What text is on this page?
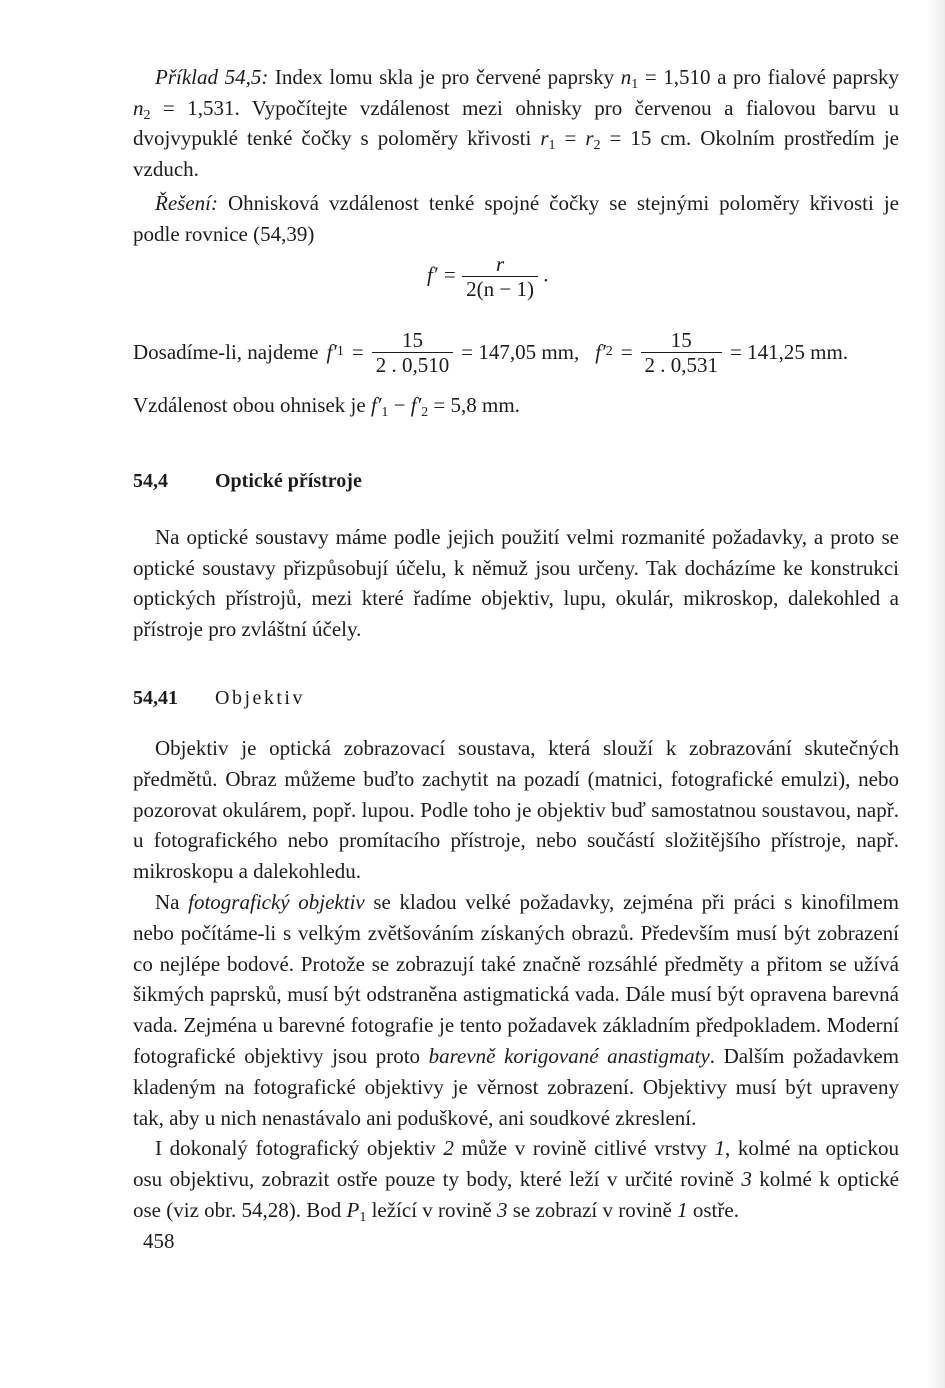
Příklad 54,5: Index lomu skla je pro červené paprsky $n_1 = 1,510$ a pro fialové paprsky $n_2 = 1,531$. Vypočítejte vzdálenost mezi ohnisky pro červenou a fialovou barvu u dvojvypuklé tenké čočky s poloměry křivosti $r_1 = r_2 = 15$ cm. Okolním prostředím je vzduch.

Řešení: Ohnisková vzdálenost tenké spojné čočky se stejnými poloměry křivosti je podle rovnice (54,39)

$f' = \frac{r}{2(n - 1)}$ .
Dosadíme-li, najdeme f′ $1 = \frac{15}{2 . 0,510} = 147,05$ mm, f′ $2 = \frac{15}{2 . 0,531} = 141,25$ mm.
Vzdálenost obou ohnisek je $f'_1 - f'_2 = 5,8$ mm.
54,4 Optické přístroje

Na optické soustavy máme podle jejich použití velmi rozmanité požadavky, a proto se optické soustavy přizpůsobují účelu, k němuž jsou určeny. Tak docházíme ke konstrukci optických přístrojů, mezi které řadíme objektiv, lupu, okulár, mikroskop, dalekohled a přístroje pro zvláštní účely.

54,41 Objektiv

Objektiv je optická zobrazovací soustava, která slouží k zobrazování skutečných předmětů. Obraz můžeme buďto zachytit na pozadí (matnici, fotografické emulzi), nebo pozorovat okulárem, popř. lupou. Podle toho je objektiv buď samostatnou soustavou, např. u fotografického nebo promítacího přístroje, nebo součástí složitějšího přístroje, např. mikroskopu a dalekohledu.

Na fotografický objektiv se kladou velké požadavky, zejména při práci s kinofilmem nebo počítáme-li s velkým zvětšováním získaných obrazů. Především musí být zobrazení co nejlépe bodové. Protože se zobrazují také značně rozsáhlé předměty a přitom se užívá šikmých paprsků, musí být odstraněna astigmatická vada. Dále musí být opravena barevná vada. Zejména u barevné fotografie je tento požadavek základním předpokladem. Moderní fotografické objektivy jsou proto barevně korigované anastigmaty. Dalším požadavkem kladeným na fotografické objektivy je věrnost zobrazení. Objektivy musí být upraveny tak, aby u nich nenastávalo ani poduškové, ani soudkové zkreslení.

I dokonalý fotografický objektiv 2 může v rovině citlivé vrstvy 1, kolmé na optickou osu objektivu, zobrazit ostře pouze ty body, které leží v určité rovině 3 kolmé k optické ose (viz obr. 54,28). Bod $P_1$ ležící v rovině 3 se zobrazí v rovině 1 ostře.

458
